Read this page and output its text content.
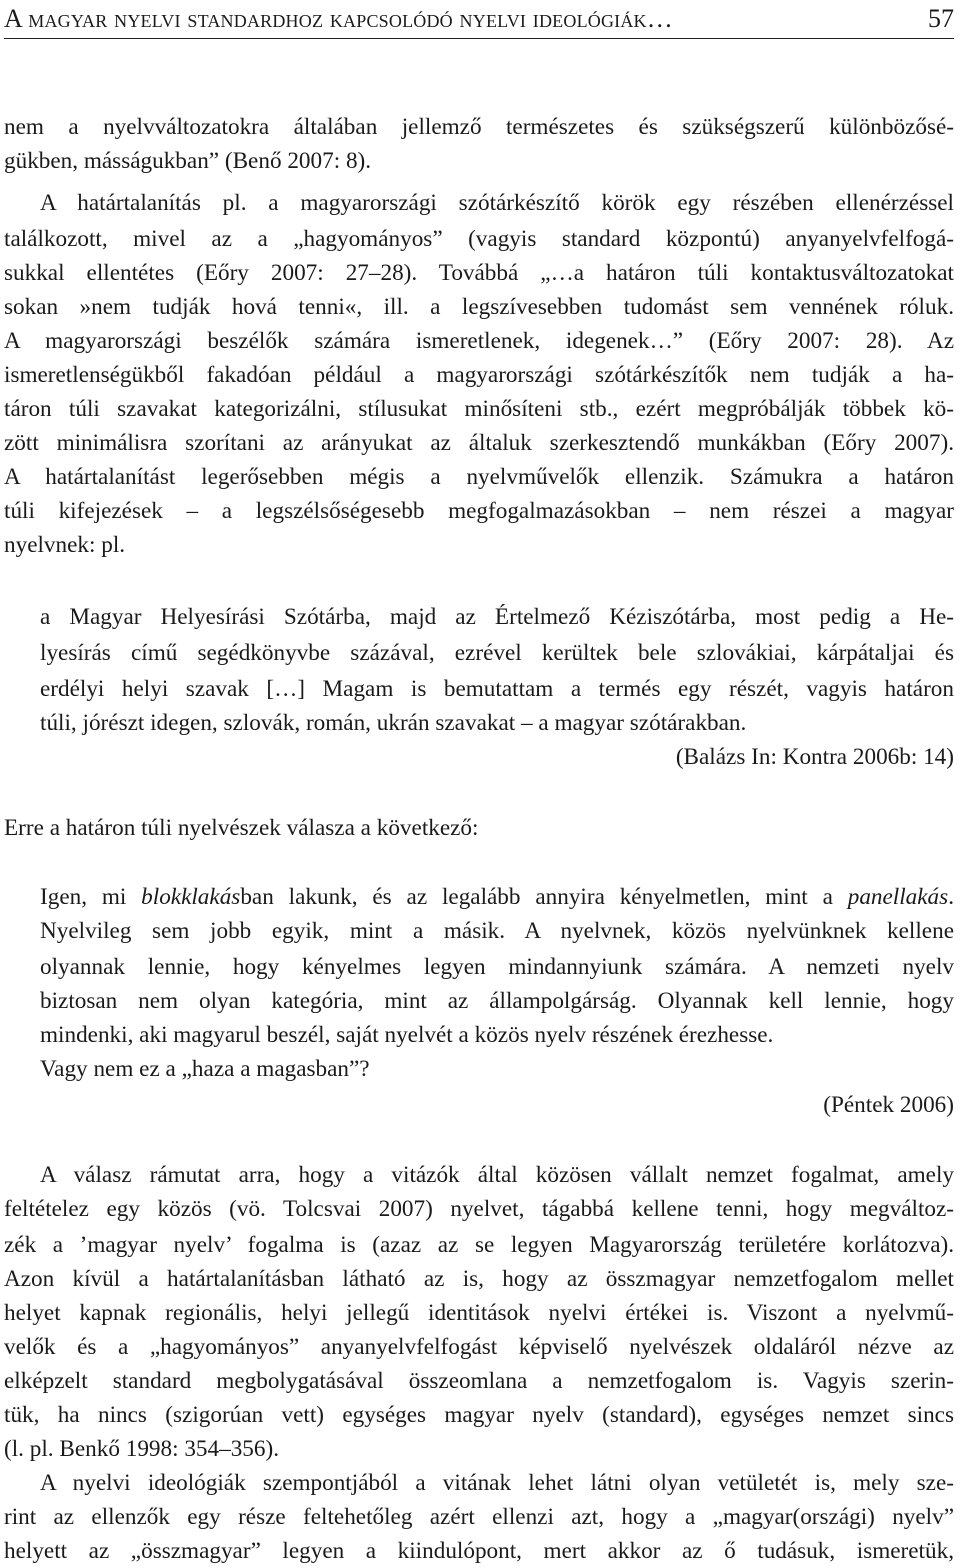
A magyar nyelvi standardhoz kapcsolódó nyelvi ideológiák…	57
nem a nyelvváltozatokra általában jellemző természetes és szükségszerű különbözősé-
gükben, másságukban” (Benő 2007: 8).
A határtalanítás pl. a magyarországi szótárkészítő körök egy részében ellenérzéssel
találkozott, mivel az a „hagyományos” (vagyis standard központú) anyanyelvfelfogá-
sukkal ellentétes (Eőry 2007: 27–28). Továbbá „…a határon túli kontaktusváltozatokat
sokan »nem tudják hová tenni«, ill. a legszívesebben tudomást sem vennének róluk.
A magyarországi beszélők számára ismeretlenek, idegenek…” (Eőry 2007: 28). Az
ismeretlenségükből fakadóan például a magyarországi szótárkészítők nem tudják a ha-
táron túli szavakat kategorizálni, stílusukat minősíteni stb., ezért megpróbálják többek kö-
zött minimálisra szorítani az arányukat az általuk szerkesztendő munkákban (Eőry 2007).
A határtalanítást legerősebben mégis a nyelvművelők ellenzik. Számukra a határon
túli kifejezések – a legszélsőségesebb megfogalmazásokban – nem részei a magyar
nyelvnek: pl.
a Magyar Helyesírási Szótárba, majd az Értelmező Kéziszótárba, most pedig a He-
lyesírás című segédkönyvbe százával, ezrével kerültek bele szlovákiai, kárpátaljai és
erdélyi helyi szavak […] Magam is bemutattam a termés egy részét, vagyis határon
túli, jórészt idegen, szlovák, román, ukrán szavakat – a magyar szótárakban.
(Balázs In: Kontra 2006b: 14)
Erre a határon túli nyelvészek válasza a következő:
Igen, mi blokklakásban lakunk, és az legalább annyira kényelmetlen, mint a panellakás.
Nyelvileg sem jobb egyik, mint a másik. A nyelvnek, közös nyelvünknek kellene
olyannak lennie, hogy kényelmes legyen mindannyiunk számára. A nemzeti nyelv
biztosan nem olyan kategória, mint az állampolgárság. Olyannak kell lennie, hogy
mindenki, aki magyarul beszél, saját nyelvét a közös nyelv részének érezhesse.
Vagy nem ez a „haza a magasban”?
(Péntek 2006)
A válasz rámutat arra, hogy a vitázók által közösen vállalt nemzet fogalmat, amely
feltételez egy közös (vö. Tolcsvai 2007) nyelvet, tágabbá kellene tenni, hogy megváltoz-
zék a ’magyar nyelv’ fogalma is (azaz az se legyen Magyarország területére korlátozva).
Azon kívül a határtalanításban látható az is, hogy az összmagyar nemzetfogalom mellet
helyet kapnak regionális, helyi jellegű identitások nyelvi értékei is. Viszont a nyelvmű-
velők és a „hagyományos” anyanyelvfelfogást képviselő nyelvészek oldaláról nézve az
elképzelt standard megbolygatásával összeomlana a nemzetfogalom is. Vagyis szerin-
tük, ha nincs (szigorúan vett) egységes magyar nyelv (standard), egységes nemzet sincs
(l. pl. Benkő 1998: 354–356).
A nyelvi ideológiák szempontjából a vitának lehet látni olyan vetületét is, mely sze-
rint az ellenzők egy része feltehetőleg azért ellenzi azt, hogy a „magyar(országi) nyelv”
helyett az „összmagyar” legyen a kiindulópont, mert akkor az ő tudásuk, ismeretük,
